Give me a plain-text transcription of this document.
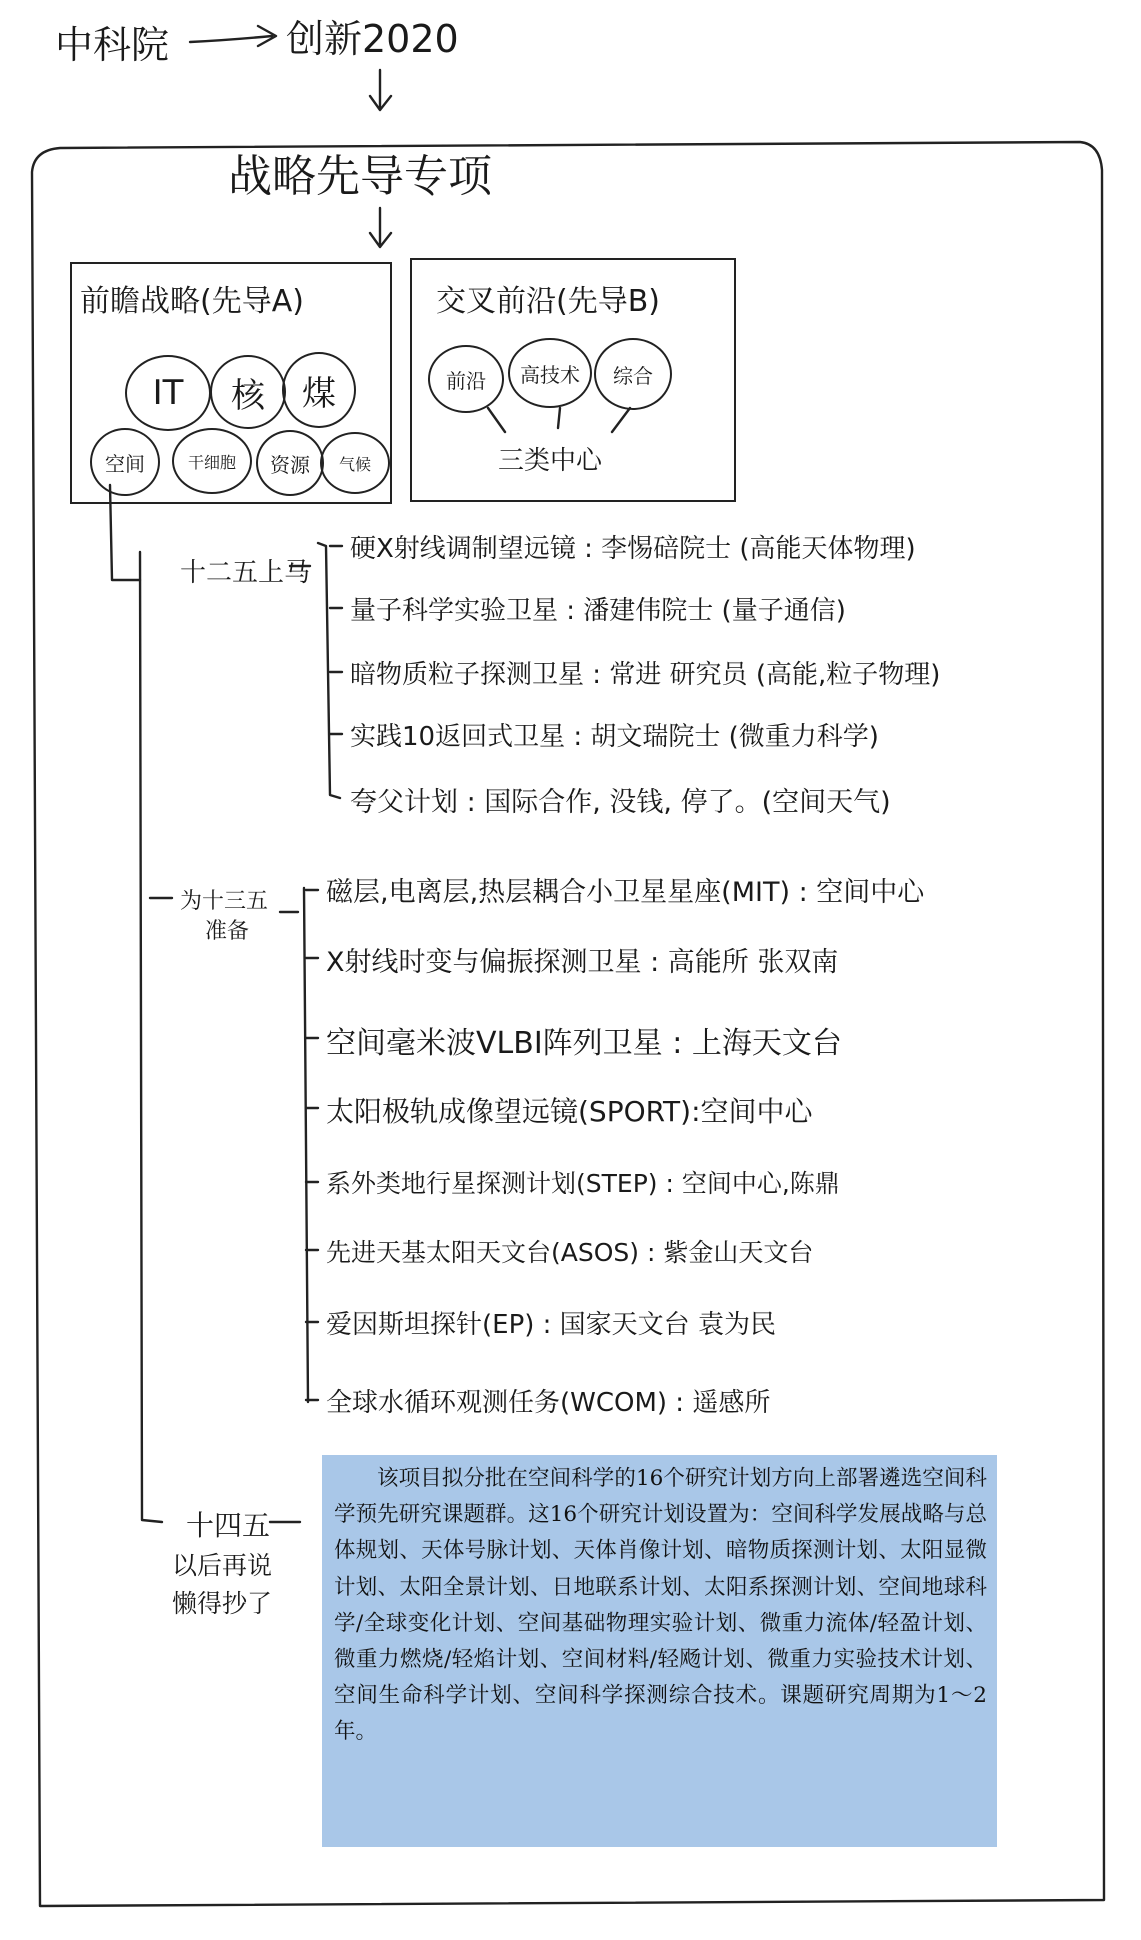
中科院	创新2020
战略先导专项
前瞻战略(先导A)
IT	核	煤
空间	干细胞	资源	气候
交叉前沿(先导B)
前沿	高技术	综合
三类中心
十二五上马
硬X射线调制望远镜 : 李惕碚院士 (高能天体物理)
量子科学实验卫星 : 潘建伟院士 (量子通信)
暗物质粒子探测卫星 : 常进 研究员 (高能,粒子物理)
实践10返回式卫星 : 胡文瑞院士 (微重力科学)
夸父计划 : 国际合作, 没钱, 停了。(空间天气)
为十三五
准备
磁层,电离层,热层耦合小卫星星座(MIT) : 空间中心
X射线时变与偏振探测卫星 : 高能所 张双南
空间毫米波VLBI阵列卫星 : 上海天文台
太阳极轨成像望远镜(SPORT):空间中心
系外类地行星探测计划(STEP) : 空间中心,陈鼎
先进天基太阳天文台(ASOS) : 紫金山天文台
爱因斯坦探针(EP) : 国家天文台 袁为民
全球水循环观测任务(WCOM) : 遥感所
十四五
以后再说
懒得抄了
该项目拟分批在空间科学的16个研究计划方向上部署遴选空间科学预先研究课题群。这16个研究计划设置为：空间科学发展战略与总体规划、天体号脉计划、天体肖像计划、暗物质探测计划、太阳显微计划、太阳全景计划、日地联系计划、太阳系探测计划、空间地球科学/全球变化计划、空间基础物理实验计划、微重力流体/轻盈计划、微重力燃烧/轻焰计划、空间材料/轻飏计划、微重力实验技术计划、空间生命科学计划、空间科学探测综合技术。课题研究周期为1～2年。
